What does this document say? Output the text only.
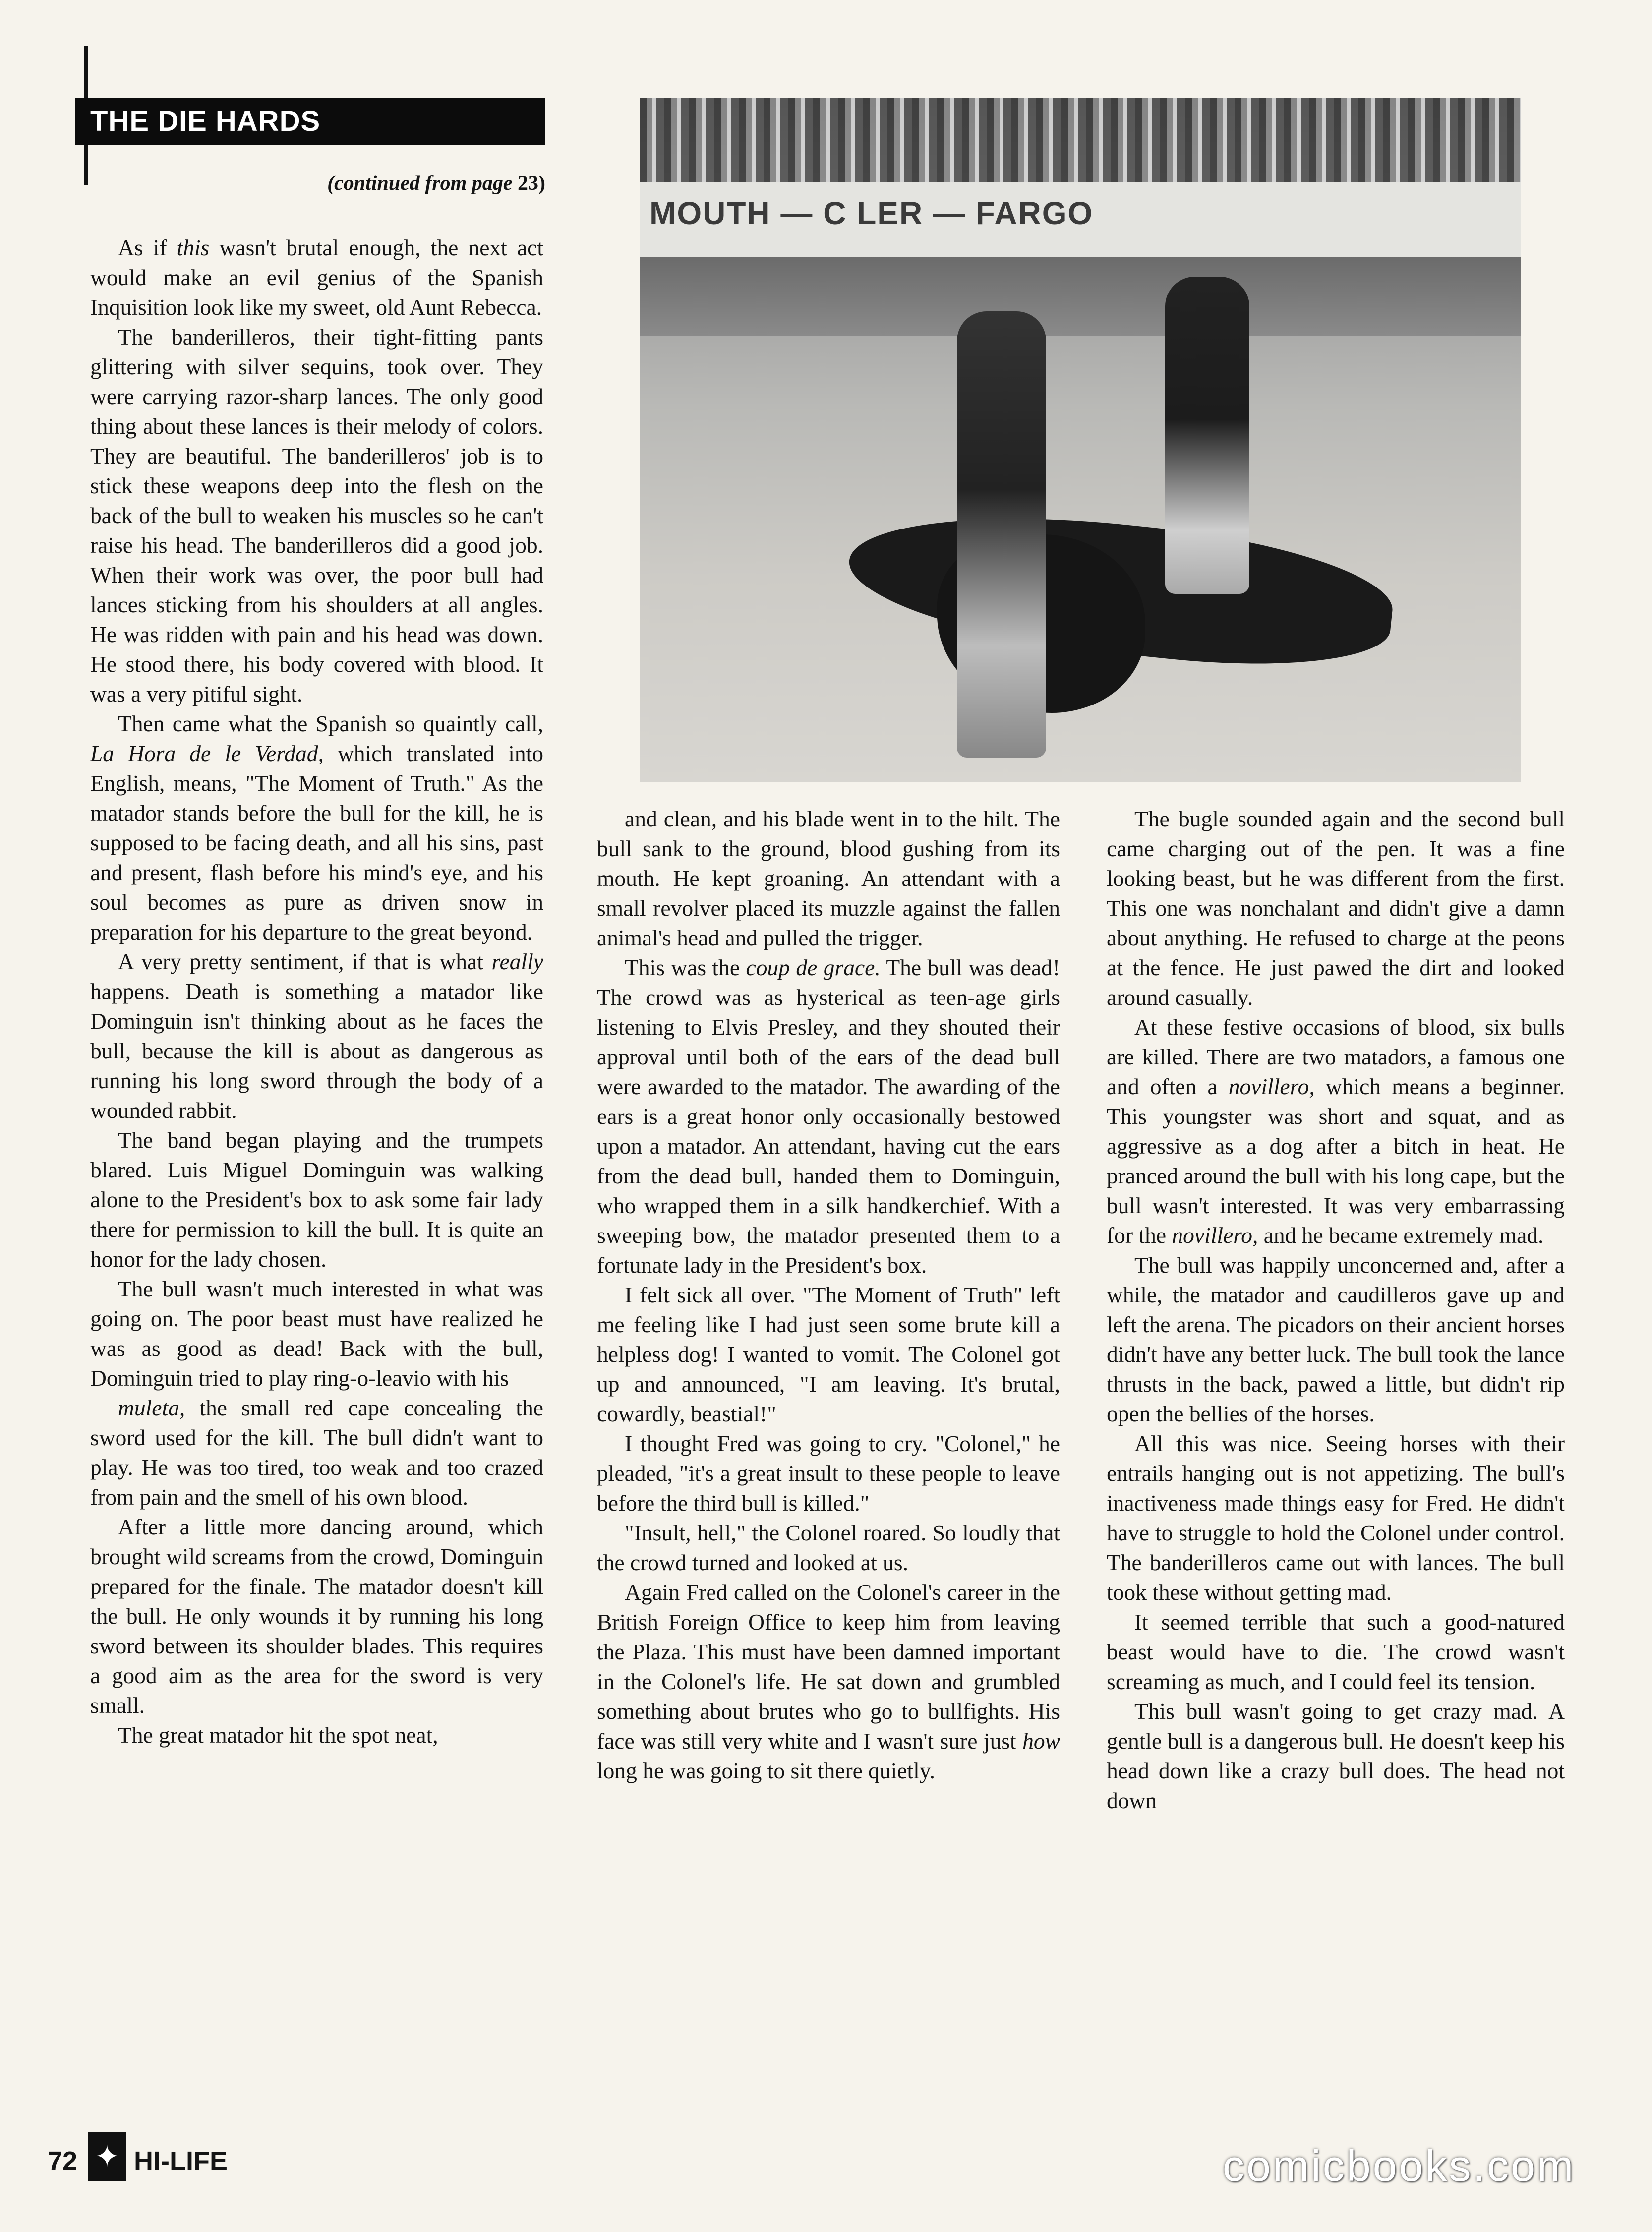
THE DIE HARDS
(continued from page 23)
MOUTH — C LER — FARGO

As if this wasn't brutal enough, the next act would make an evil genius of the Spanish Inquisition look like my sweet, old Aunt Rebecca.

The banderilleros, their tight-fitting pants glittering with silver sequins, took over. They were carrying razor-sharp lances. The only good thing about these lances is their melody of colors. They are beautiful. The banderilleros' job is to stick these weapons deep into the flesh on the back of the bull to weaken his muscles so he can't raise his head. The banderilleros did a good job. When their work was over, the poor bull had lances sticking from his shoulders at all angles. He was ridden with pain and his head was down. He stood there, his body covered with blood. It was a very pitiful sight.

Then came what the Spanish so quaintly call, La Hora de le Verdad, which translated into English, means, "The Moment of Truth." As the matador stands before the bull for the kill, he is supposed to be facing death, and all his sins, past and present, flash before his mind's eye, and his soul becomes as pure as driven snow in preparation for his departure to the great beyond.

A very pretty sentiment, if that is what really happens. Death is something a matador like Dominguin isn't thinking about as he faces the bull, because the kill is about as dangerous as running his long sword through the body of a wounded rabbit.

The band began playing and the trumpets blared. Luis Miguel Dominguin was walking alone to the President's box to ask some fair lady there for permission to kill the bull. It is quite an honor for the lady chosen.

The bull wasn't much interested in what was going on. The poor beast must have realized he was as good as dead! Back with the bull, Dominguin tried to play ring-o-leavio with his

muleta, the small red cape concealing the sword used for the kill. The bull didn't want to play. He was too tired, too weak and too crazed from pain and the smell of his own blood.

After a little more dancing around, which brought wild screams from the crowd, Dominguin prepared for the finale. The matador doesn't kill the bull. He only wounds it by running his long sword between its shoulder blades. This requires a good aim as the area for the sword is very small.

The great matador hit the spot neat,

and clean, and his blade went in to the hilt. The bull sank to the ground, blood gushing from its mouth. He kept groaning. An attendant with a small revolver placed its muzzle against the fallen animal's head and pulled the trigger.

This was the coup de grace. The bull was dead! The crowd was as hysterical as teen-age girls listening to Elvis Presley, and they shouted their approval until both of the ears of the dead bull were awarded to the matador. The awarding of the ears is a great honor only occasionally bestowed upon a matador. An attendant, having cut the ears from the dead bull, handed them to Dominguin, who wrapped them in a silk handkerchief. With a sweeping bow, the matador presented them to a fortunate lady in the President's box.

I felt sick all over. "The Moment of Truth" left me feeling like I had just seen some brute kill a helpless dog! I wanted to vomit. The Colonel got up and announced, "I am leaving. It's brutal, cowardly, beastial!"

I thought Fred was going to cry. "Colonel," he pleaded, "it's a great insult to these people to leave before the third bull is killed."

"Insult, hell," the Colonel roared. So loudly that the crowd turned and looked at us.

Again Fred called on the Colonel's career in the British Foreign Office to keep him from leaving the Plaza. This must have been damned important in the Colonel's life. He sat down and grumbled something about brutes who go to bullfights. His face was still very white and I wasn't sure just how long he was going to sit there quietly.

The bugle sounded again and the second bull came charging out of the pen. It was a fine looking beast, but he was different from the first. This one was nonchalant and didn't give a damn about anything. He refused to charge at the peons at the fence. He just pawed the dirt and looked around casually.

At these festive occasions of blood, six bulls are killed. There are two matadors, a famous one and often a novillero, which means a beginner. This youngster was short and squat, and as aggressive as a dog after a bitch in heat. He pranced around the bull with his long cape, but the bull wasn't interested. It was very embarrassing for the novillero, and he became extremely mad.

The bull was happily unconcerned and, after a while, the matador and caudilleros gave up and left the arena. The picadors on their ancient horses didn't have any better luck. The bull took the lance thrusts in the back, pawed a little, but didn't rip open the bellies of the horses.

All this was nice. Seeing horses with their entrails hanging out is not appetizing. The bull's inactiveness made things easy for Fred. He didn't have to struggle to hold the Colonel under control. The banderilleros came out with lances. The bull took these without getting mad.

It seemed terrible that such a good-natured beast would have to die. The crowd wasn't screaming as much, and I could feel its tension.

This bull wasn't going to get crazy mad. A gentle bull is a dangerous bull. He doesn't keep his head down like a crazy bull does. The head not down

72 ✦ HI-LIFE	comicbooks.com
